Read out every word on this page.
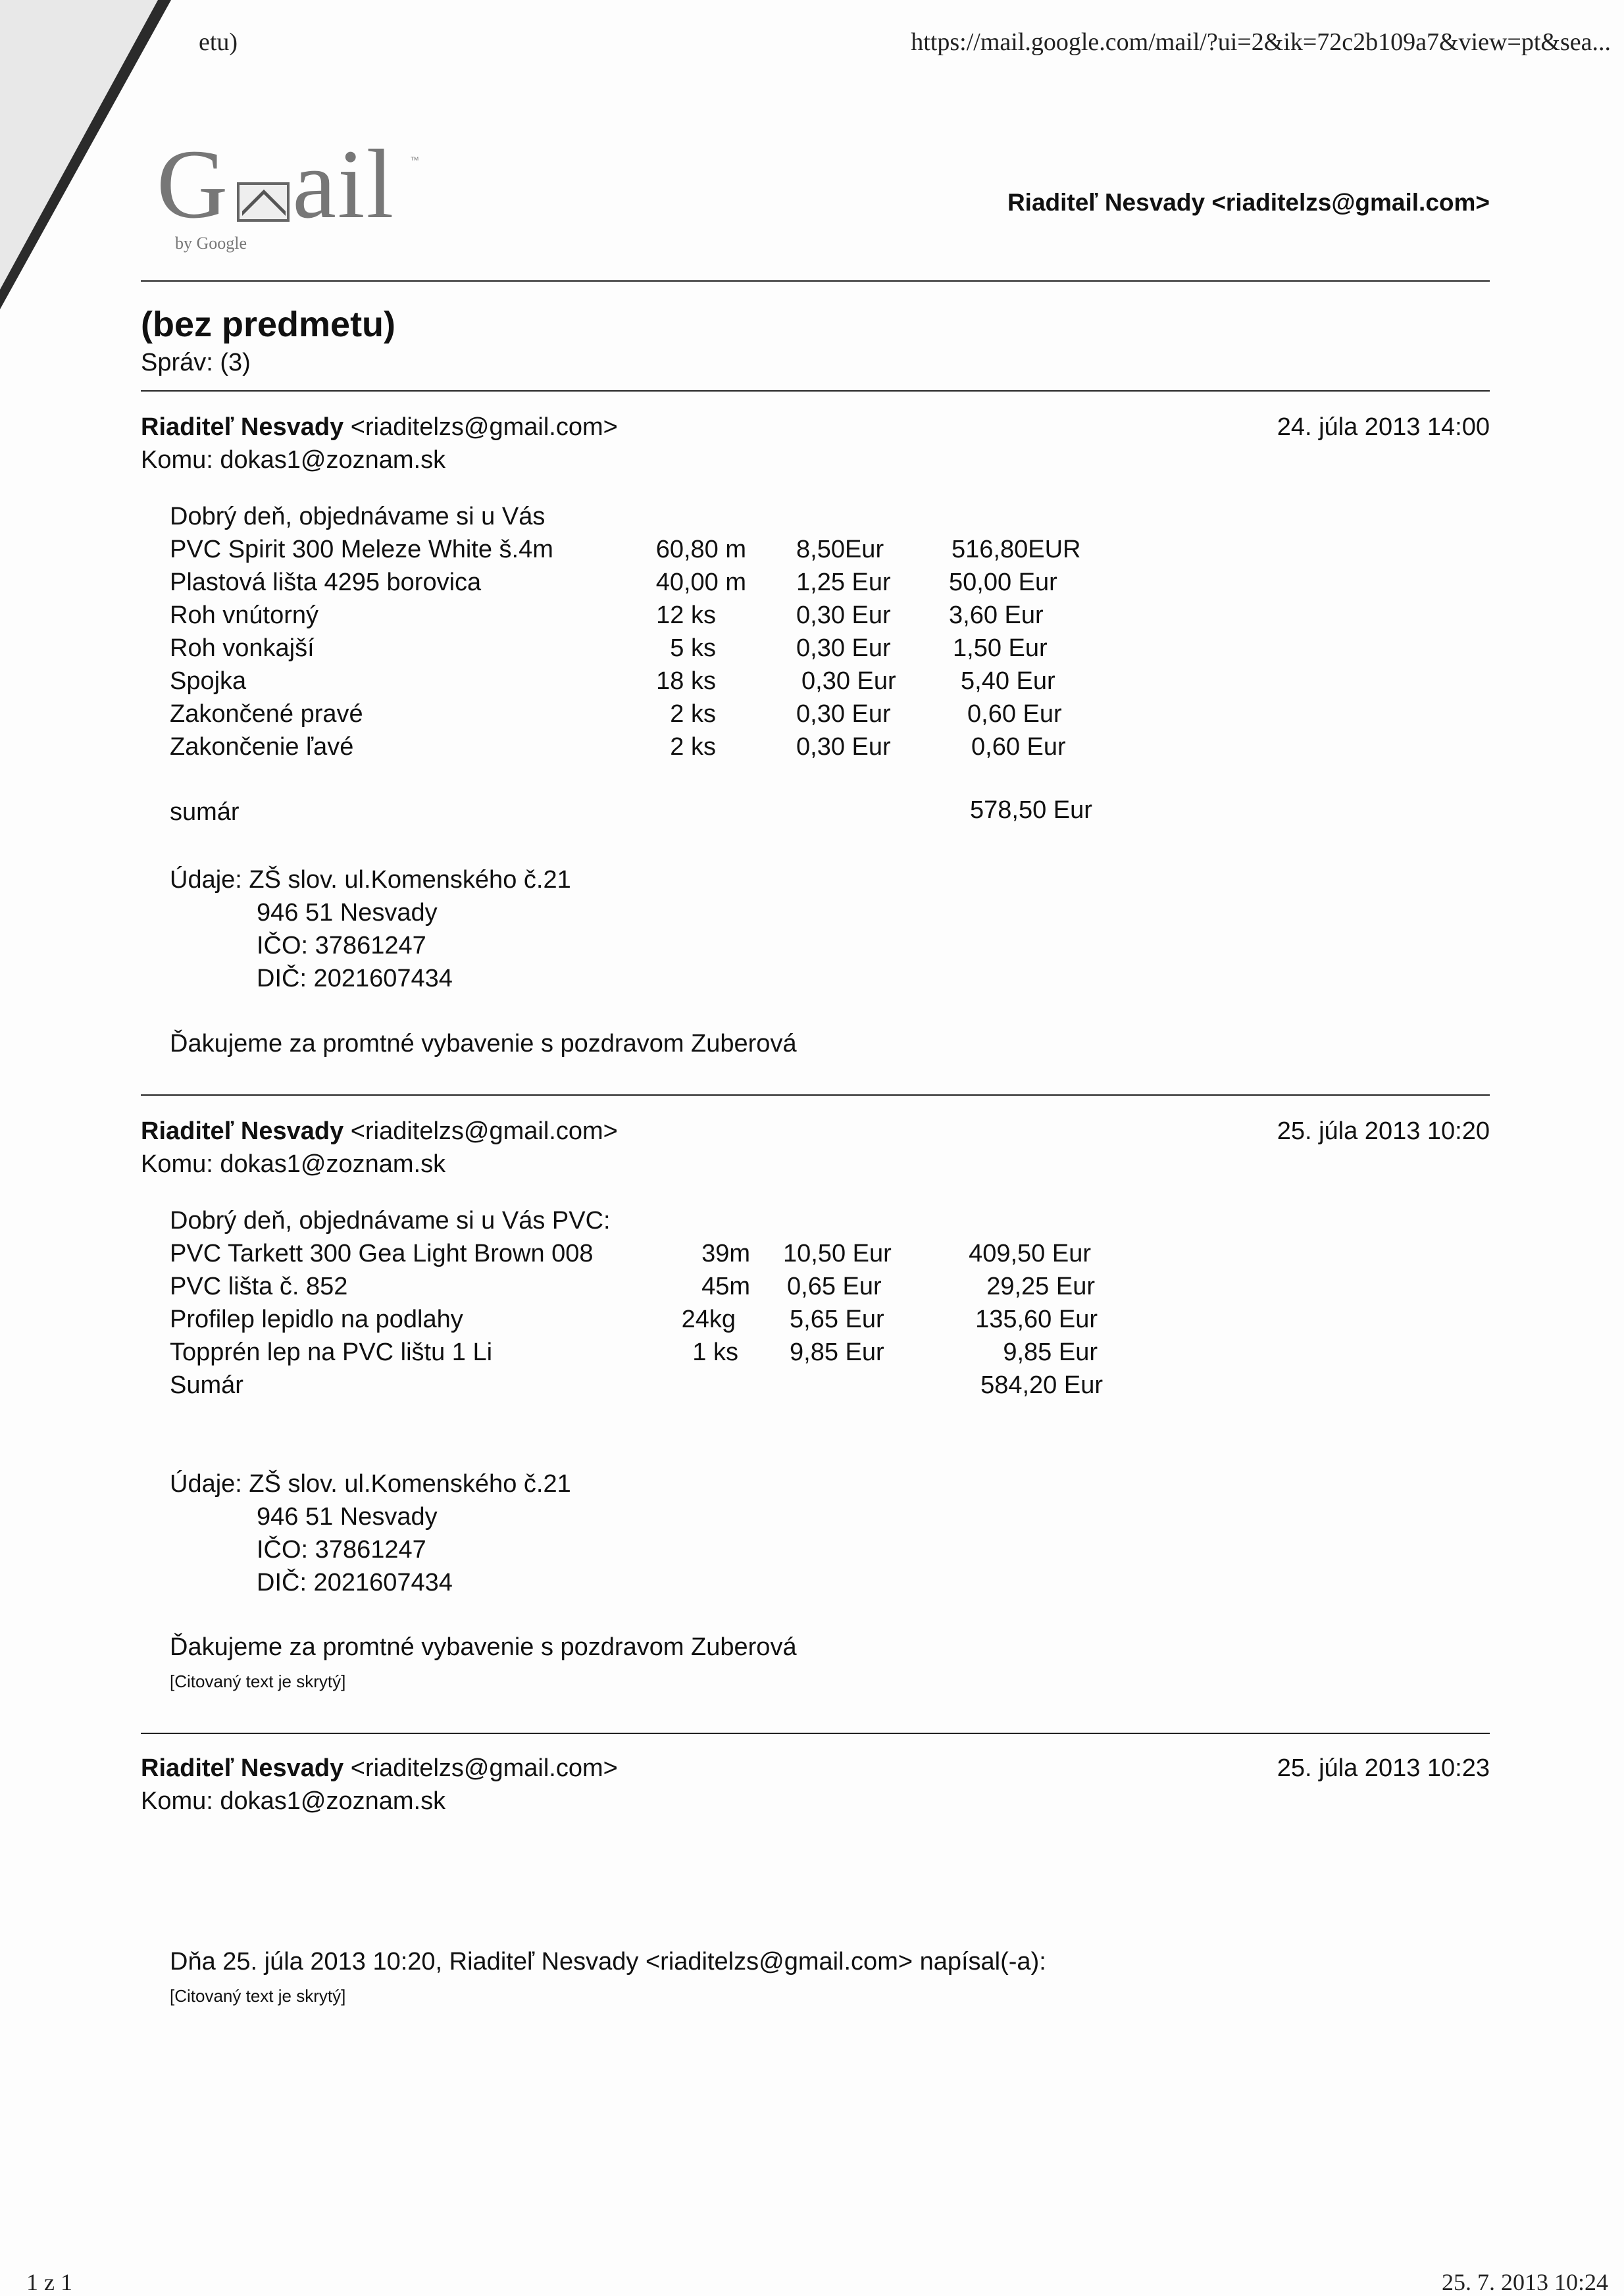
etu)	https://mail.google.com/mail/?ui=2&ik=72c2b109a7&view=pt&sea...
G ail ™
by Google
Riaditeľ Nesvady <riaditelzs@gmail.com>
(bez predmetu)
Správ: (3)
Riaditeľ Nesvady <riaditelzs@gmail.com>
Komu: dokas1@zoznam.sk
24. júla 2013 14:00
Dobrý deň, objednávame si u Vás
PVC Spirit 300 Meleze White š.4m	60,80 m 8,50Eur	516,80EUR
Plastová lišta 4295 borovica	40,00 m 1,25 Eur 50,00 Eur
Roh vnútorný	12 ks	0,30 Eur 3,60 Eur
Roh vonkajší	5 ks	0,30 Eur 1,50 Eur
Spojka	18 ks	0,30 Eur	5,40 Eur
Zakončené pravé	2 ks	0,30 Eur	0,60 Eur
Zakončenie ľavé	2 ks	0,30 Eur	0,60 Eur
sumár	578,50 Eur
Údaje: ZŠ slov. ul.Komenského č.21
946 51 Nesvady
IČO: 37861247
DIČ: 2021607434
Ďakujeme za promtné vybavenie s pozdravom Zuberová
Riaditeľ Nesvady <riaditelzs@gmail.com>
Komu: dokas1@zoznam.sk
25. júla 2013 10:20
Dobrý deň, objednávame si u Vás PVC:
PVC Tarkett 300 Gea Light Brown 008	39m 10,50 Eur	409,50 Eur
PVC lišta č. 852	45m 0,65 Eur	29,25 Eur
Profilep lepidlo na podlahy	24kg 5,65 Eur	135,60 Eur
Topprén lep na PVC lištu 1 Li	1 ks 9,85 Eur	9,85 Eur
Sumár	584,20 Eur
Údaje: ZŠ slov. ul.Komenského č.21
946 51 Nesvady
IČO: 37861247
DIČ: 2021607434
Ďakujeme za promtné vybavenie s pozdravom Zuberová
[Citovaný text je skrytý]
Riaditeľ Nesvady <riaditelzs@gmail.com>
Komu: dokas1@zoznam.sk
25. júla 2013 10:23
Dňa 25. júla 2013 10:20, Riaditeľ Nesvady <riaditelzs@gmail.com> napísal(-a):
[Citovaný text je skrytý]
1 z 1	25. 7. 2013 10:24
